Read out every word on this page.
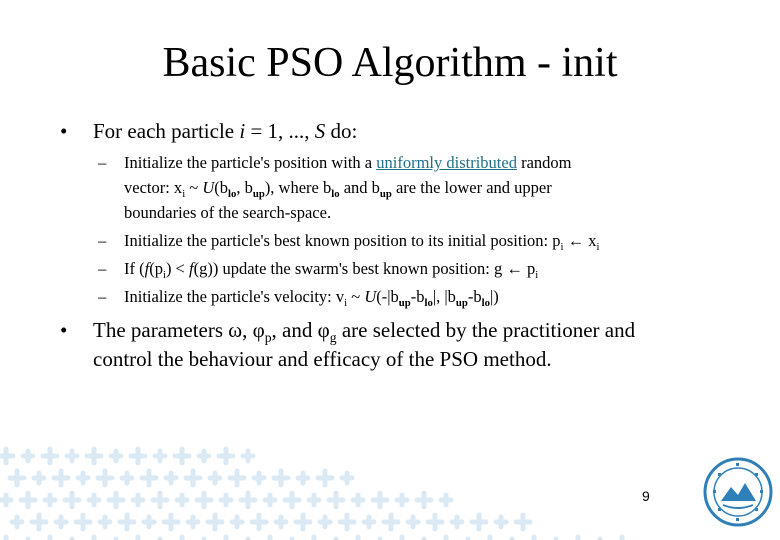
Basic PSO Algorithm - init
• For each particle i = 1, ..., S do:
– Initialize the particle's position with a uniformly distributed random
vector: $x_i$ ~ $U(b_{lo}$, $b_{up}$), where $b_{lo}$ and $b_{up}$ are the lower and upper
boundaries of the search-space.
– Initialize the particle's best known position to its initial position: $p_i$ ← $x_i$
– If $(f(p_i) < f(g))$ update the swarm's best known position: g ← $p_i$
– Initialize the particle's velocity: $v_i$ ~ $U(-|b_{up}-b_{lo}|$, $|b_{up}-b_{lo}|$)
• The parameters ω, $\varphi_p$, and $\varphi_g$ are selected by the practitioner and
control the behaviour and efficacy of the PSO method.
9
